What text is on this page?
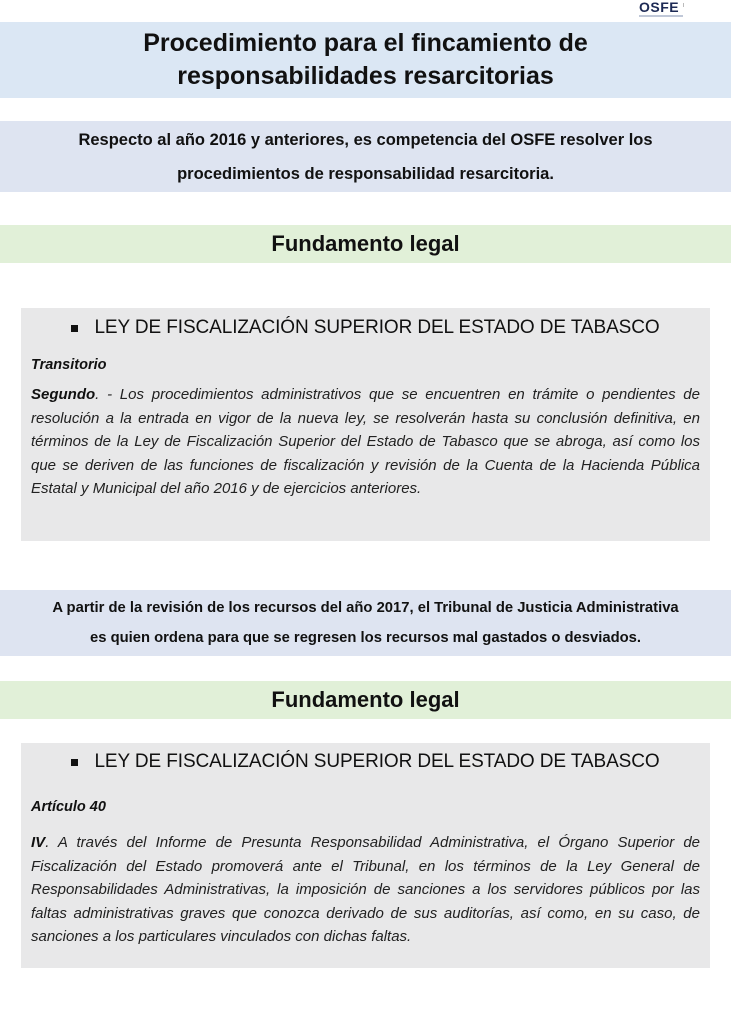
OSFE

Procedimiento para el fincamiento de
responsabilidades resarcitorias
Respecto al año 2016 y anteriores, es competencia del OSFE resolver los
procedimientos de responsabilidad resarcitoria.
Fundamento legal
LEY DE FISCALIZACIÓN SUPERIOR DEL ESTADO DE TABASCO
Transitorio
Segundo. - Los procedimientos administrativos que se encuentren en trámite o pendientes de resolución a la entrada en vigor de la nueva ley, se resolverán hasta su conclusión definitiva, en términos de la Ley de Fiscalización Superior del Estado de Tabasco que se abroga, así como los que se deriven de las funciones de fiscalización y revisión de la Cuenta de la Hacienda Pública Estatal y Municipal del año 2016 y de ejercicios anteriores.
A partir de la revisión de los recursos del año 2017, el Tribunal de Justicia Administrativa
es quien ordena para que se regresen los recursos mal gastados o desviados.
Fundamento legal
LEY DE FISCALIZACIÓN SUPERIOR DEL ESTADO DE TABASCO
Artículo 40
IV. A través del Informe de Presunta Responsabilidad Administrativa, el Órgano Superior de Fiscalización del Estado promoverá ante el Tribunal, en los términos de la Ley General de Responsabilidades Administrativas, la imposición de sanciones a los servidores públicos por las faltas administrativas graves que conozca derivado de sus auditorías, así como, en su caso, de sanciones a los particulares vinculados con dichas faltas.
